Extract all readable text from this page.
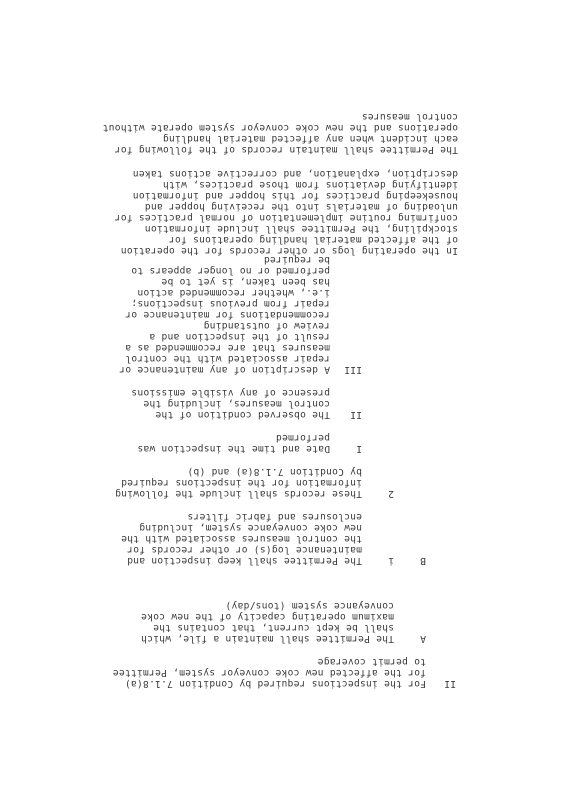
II
For the inspections required by Condition 7.1.8(a)
for the affected new coke conveyor system, Permittee
to permit coverage
A
The Permittee shall maintain a file, which
shall be kept current, that contains the
maximum operating capacity of the new coke
conveyance system (tons/day)
B
i
The Permittee shall keep inspection and
maintenance log(s) or other records for
the control measures associated with the
new coke conveyance system, including
enclosures and fabric filters
2
These records shall include the following
information for the inspections required
by Condition 7.1.8(a) and (b)
I
Date and time the inspection was
performed
II
The observed condition of the
control measures, including the
presence of any visible emissions
III
A description of any maintenance or
repair associated with the control
measures that are recommended as a
result of the inspection and a
review of outstanding
recommendations for maintenance or
repair from previous inspections;
i.e., whether recommended action
has been taken, is yet to be
performed or no longer appears to
be required
In the operating logs or other records for the operation
of the affected material handling operations for
stockpiling, the Permittee shall include information
confirming routine implementation of normal practices for
unloading of materials into the receiving hopper and
housekeeping practices for this hopper and information
identifying deviations from those practices, with
description, explanation, and corrective actions taken
The Permittee shall maintain records of the following for
each incident when any affected material handling
operations and the new coke conveyor system operate without
control measures
